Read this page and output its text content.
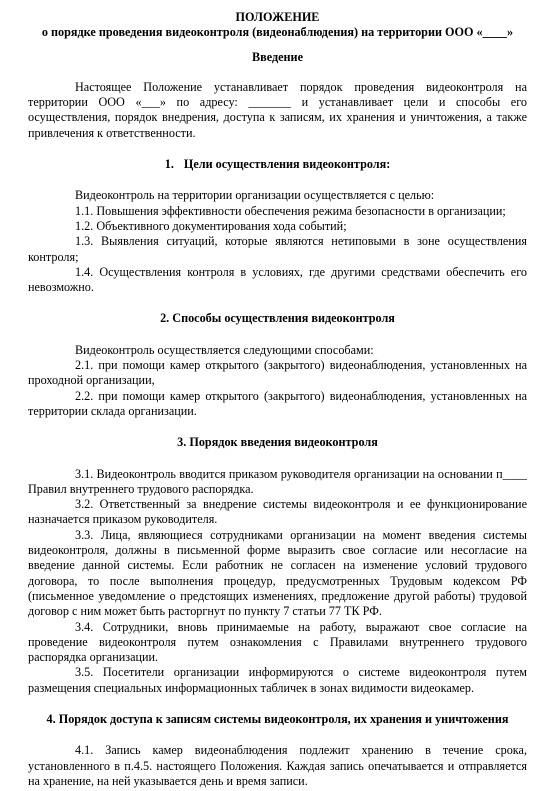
ПОЛОЖЕНИЕ
о порядке проведения видеоконтроля (видеонаблюдения) на территории ООО «____»
Введение

Настоящее Положение устанавливает порядок проведения видеоконтроля на территории ООО «___» по адресу: _______ и устанавливает цели и способы его осуществления, порядок внедрения, доступа к записям, их хранения и уничтожения, а также привлечения к ответственности.

1. Цели осуществления видеоконтроля:

Видеоконтроль на территории организации осуществляется с целью:

1.1. Повышения эффективности обеспечения режима безопасности в организации;

1.2. Объективного документирования хода событий;

1.3. Выявления ситуаций, которые являются нетиповыми в зоне осуществления контроля;

1.4. Осуществления контроля в условиях, где другими средствами обеспечить его невозможно.

2. Способы осуществления видеоконтроля

Видеоконтроль осуществляется следующими способами:

2.1. при помощи камер открытого (закрытого) видеонаблюдения, установленных на проходной организации,

2.2. при помощи камер открытого (закрытого) видеонаблюдения, установленных на территории склада организации.

3. Порядок введения видеоконтроля

3.1. Видеоконтроль вводится приказом руководителя организации на основании п____ Правил внутреннего трудового распорядка.

3.2. Ответственный за внедрение системы видеоконтроля и ее функционирование назначается приказом руководителя.

3.3. Лица, являющиеся сотрудниками организации на момент введения системы видеоконтроля, должны в письменной форме выразить свое согласие или несогласие на введение данной системы. Если работник не согласен на изменение условий трудового договора, то после выполнения процедур, предусмотренных Трудовым кодексом РФ (письменное уведомление о предстоящих изменениях, предложение другой работы) трудовой договор с ним может быть расторгнут по пункту 7 статьи 77 ТК РФ.

3.4. Сотрудники, вновь принимаемые на работу, выражают свое согласие на проведение видеоконтроля путем ознакомления с Правилами внутреннего трудового распорядка организации.

3.5. Посетители организации информируются о системе видеоконтроля путем размещения специальных информационных табличек в зонах видимости видеокамер.

4. Порядок доступа к записям системы видеоконтроля, их хранения и уничтожения

4.1. Запись камер видеонаблюдения подлежит хранению в течение срока, установленного в п.4.5. настоящего Положения. Каждая запись опечатывается и отправляется на хранение, на ней указывается день и время записи.
